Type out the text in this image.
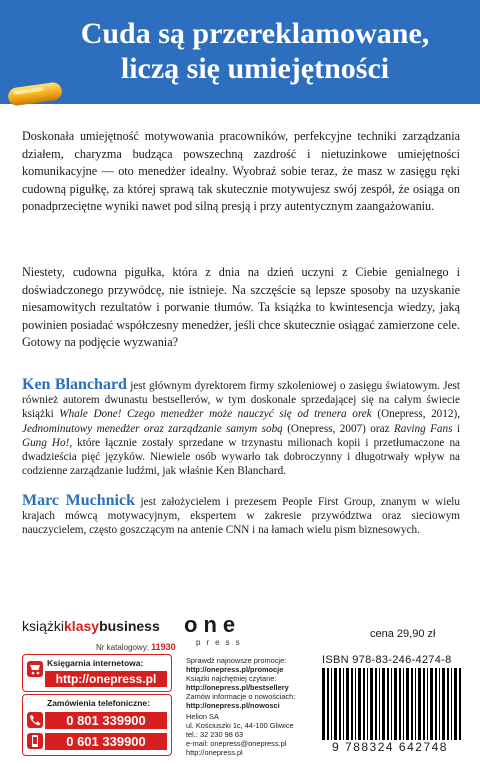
Cuda są przereklamowane,
liczą się umiejętności
Doskonała umiejętność motywowania pracowników, perfekcyjne techniki zarządzania działem, charyzma budząca powszechną zazdrość i nietuzinkowe umiejętności komunikacyjne — oto menedżer idealny. Wyobraź sobie teraz, że masz w zasięgu ręki cudowną pigułkę, za której sprawą tak skutecznie motywujesz swój zespół, że osiąga on ponadprzeciętne wyniki nawet pod silną presją i przy autentycznym zaangażowaniu.
Niestety, cudowna pigułka, która z dnia na dzień uczyni z Ciebie genialnego i doświadczonego przywódcę, nie istnieje. Na szczęście są lepsze sposoby na uzyskanie niesamowitych rezultatów i porwanie tłumów. Ta książka to kwintesencja wiedzy, jaką powinien posiadać współczesny menedżer, jeśli chce skutecznie osiągać zamierzone cele. Gotowy na podjęcie wyzwania?
Ken Blanchard jest głównym dyrektorem firmy szkoleniowej o zasięgu światowym. Jest również autorem dwunastu bestsellerów, w tym doskonale sprzedającej się na całym świecie książki Whale Done! Czego menedżer może nauczyć się od trenera orek (Onepress, 2012), Jednominutowy menedżer oraz zarządzanie samym sobą (Onepress, 2007) oraz Raving Fans i Gung Ho!, które łącznie zostały sprzedane w trzynastu milionach kopii i przetłumaczone na dwadzieścia pięć języków. Niewiele osób wywarło tak dobroczynny i długotrwały wpływ na codzienne zarządzanie ludźmi, jak właśnie Ken Blanchard.
Marc Muchnick jest założycielem i prezesem People First Group, znanym w wielu krajach mówcą motywacyjnym, ekspertem w zakresie przywództwa oraz sieciowym nauczycielem, często goszczącym na antenie CNN i na łamach wielu pism biznesowych.
książkiklasybusiness
Nr katalogowy: 11930
Księgarnia internetowa:
http://onepress.pl
Zamówienia telefoniczne:
0 801 339900
0 601 339900
one
press
Sprawdź najnowsze promocje:
http://onepress.pl/promocje
Książki najchętniej czytane:
http://onepress.pl/bestsellery
Zamów informacje o nowościach:
http://onepress.pl/nowosci
Helion SA
ul. Kościuszki 1c, 44-100 Gliwice
tel.: 32 230 98 63
e-mail: onepress@onepress.pl
http://onepress.pl
cena 29,90 zł
ISBN 978-83-246-4274-8
9 788324 642748
